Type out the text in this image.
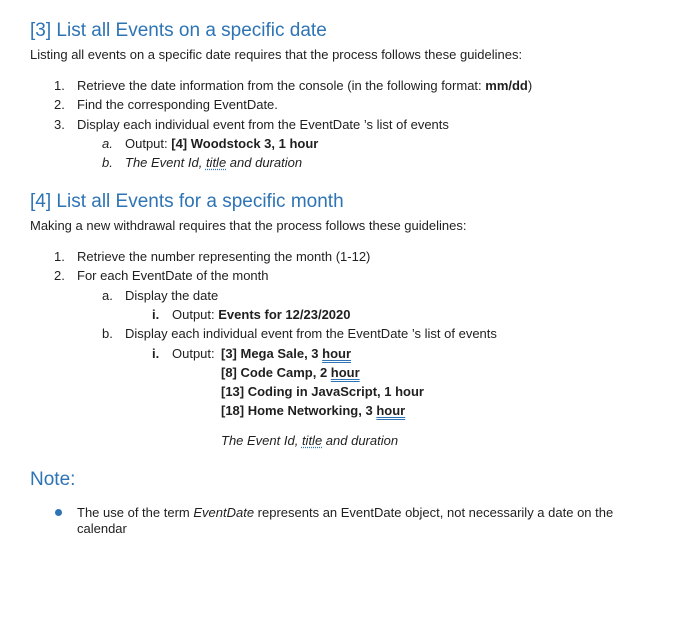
[3] List all Events on a specific date
Listing all events on a specific date requires that the process follows these guidelines:
1. Retrieve the date information from the console (in the following format: mm/dd)
2. Find the corresponding EventDate.
3. Display each individual event from the EventDate ’s list of events
a. Output: [4] Woodstock 3, 1 hour
b. The Event Id, title and duration
[4] List all Events for a specific month
Making a new withdrawal requires that the process follows these guidelines:
1. Retrieve the number representing the month (1-12)
2. For each EventDate of the month
a. Display the date
i. Output: Events for 12/23/2020
b. Display each individual event from the EventDate ’s list of events
i. Output: [3] Mega Sale, 3 hour
[8] Code Camp, 2 hour
[13] Coding in JavaScript, 1 hour
[18] Home Networking, 3 hour
The Event Id, title and duration
Note:
The use of the term EventDate represents an EventDate object, not necessarily a date on the calendar
